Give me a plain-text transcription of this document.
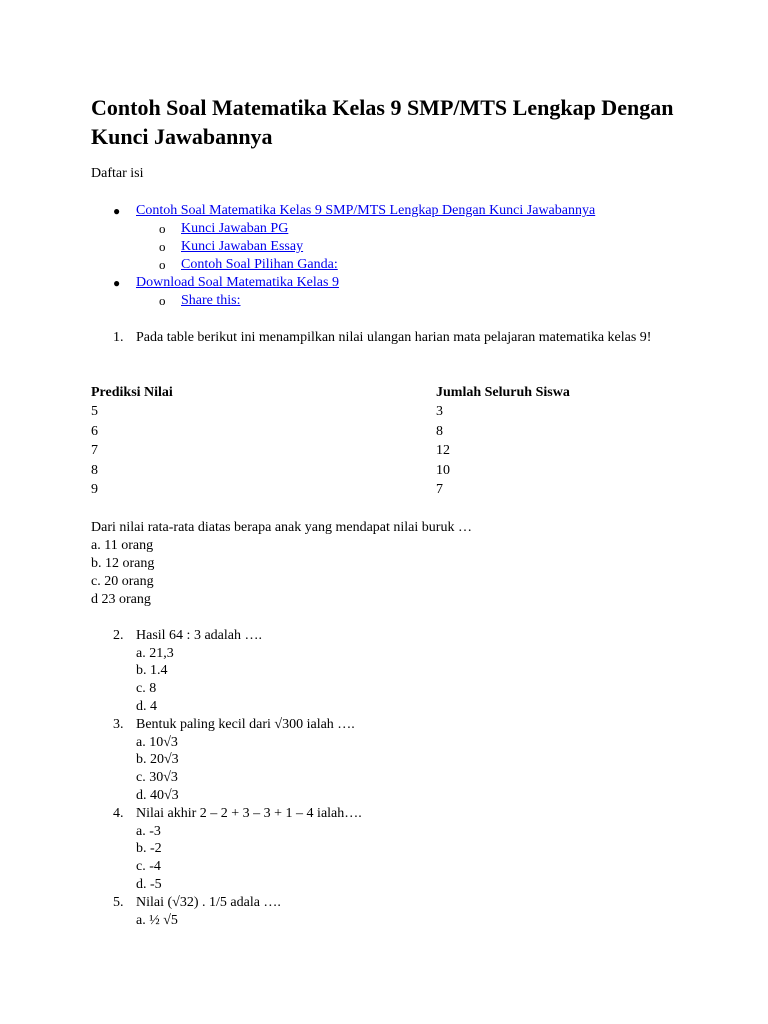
Contoh Soal Matematika Kelas 9 SMP/MTS Lengkap Dengan Kunci Jawabannya
Daftar isi
● Contoh Soal Matematika Kelas 9 SMP/MTS Lengkap Dengan Kunci Jawabannya
o Kunci Jawaban PG
o Kunci Jawaban Essay
o Contoh Soal Pilihan Ganda:
● Download Soal Matematika Kelas 9
o Share this:
1. Pada table berikut ini menampilkan nilai ulangan harian mata pelajaran matematika kelas 9!
Prediksi Nilai	Jumlah Seluruh Siswa
5	3
6	8
7	12
8	10
9	7
Dari nilai rata-rata diatas berapa anak yang mendapat nilai buruk …
a. 11 orang
b. 12 orang
c. 20 orang
d 23 orang
2. Hasil 64 : 3 adalah ….
a. 21,3
b. 1.4
c. 8
d. 4
3. Bentuk paling kecil dari √300 ialah ….
a. 10√3
b. 20√3
c. 30√3
d. 40√3
4. Nilai akhir 2 – 2 + 3 – 3 + 1 – 4 ialah….
a. -3
b. -2
c. -4
d. -5
5. Nilai (√32) . 1/5 adala ….
a. ½ √5
